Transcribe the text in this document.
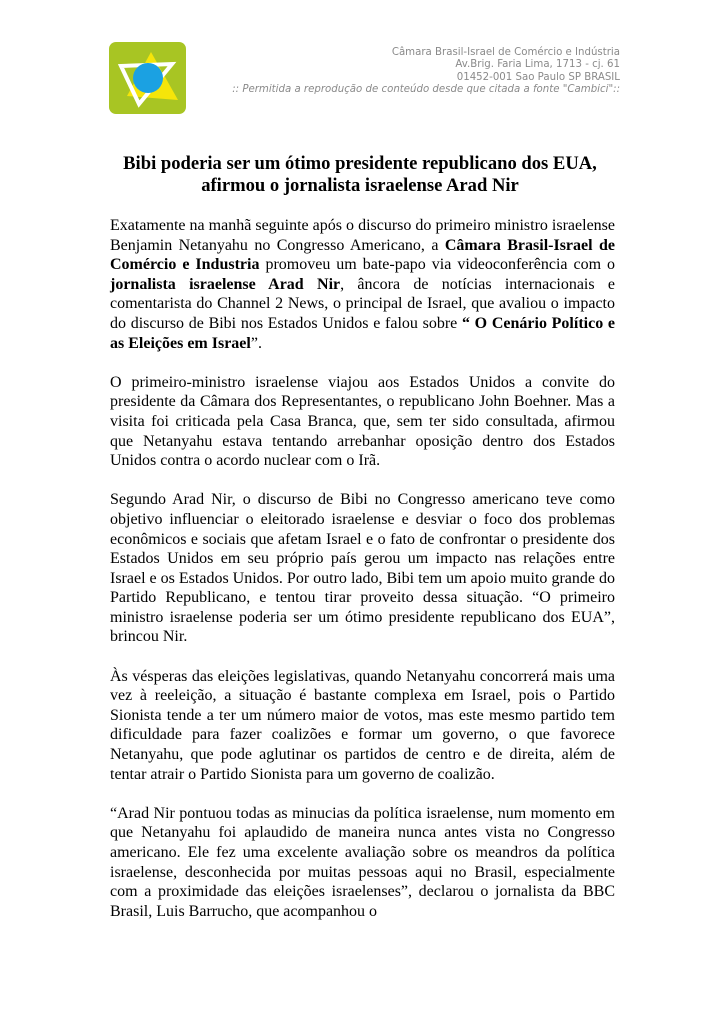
Câmara Brasil-Israel de Comércio e Indústria
Av.Brig. Faria Lima, 1713 - cj. 61
01452-001 Sao Paulo SP BRASIL
:: Permitida a reprodução de conteúdo desde que citada a fonte "Cambici"::
Bibi poderia ser um ótimo presidente republicano dos EUA,
afirmou o jornalista israelense Arad Nir

Exatamente na manhã seguinte após o discurso do primeiro ministro israelense Benjamin Netanyahu no Congresso Americano, a Câmara Brasil-Israel de Comércio e Industria promoveu um bate-papo via videoconferência com o jornalista israelense Arad Nir, âncora de notícias internacionais e comentarista do Channel 2 News, o principal de Israel, que avaliou o impacto do discurso de Bibi nos Estados Unidos e falou sobre “ O Cenário Político e as Eleições em Israel”.

O primeiro-ministro israelense viajou aos Estados Unidos a convite do presidente da Câmara dos Representantes, o republicano John Boehner. Mas a visita foi criticada pela Casa Branca, que, sem ter sido consultada, afirmou que Netanyahu estava tentando arrebanhar oposição dentro dos Estados Unidos contra o acordo nuclear com o Irã.

Segundo Arad Nir, o discurso de Bibi no Congresso americano teve como objetivo influenciar o eleitorado israelense e desviar o foco dos problemas econômicos e sociais que afetam Israel e o fato de confrontar o presidente dos Estados Unidos em seu próprio país gerou um impacto nas relações entre Israel e os Estados Unidos. Por outro lado, Bibi tem um apoio muito grande do Partido Republicano, e tentou tirar proveito dessa situação. “O primeiro ministro israelense poderia ser um ótimo presidente republicano dos EUA”, brincou Nir.

Às vésperas das eleições legislativas, quando Netanyahu concorrerá mais uma vez à reeleição, a situação é bastante complexa em Israel, pois o Partido Sionista tende a ter um número maior de votos, mas este mesmo partido tem dificuldade para fazer coalizões e formar um governo, o que favorece Netanyahu, que pode aglutinar os partidos de centro e de direita, além de tentar atrair o Partido Sionista para um governo de coalizão.

“Arad Nir pontuou todas as minucias da política israelense, num momento em que Netanyahu foi aplaudido de maneira nunca antes vista no Congresso americano. Ele fez uma excelente avaliação sobre os meandros da política israelense, desconhecida por muitas pessoas aqui no Brasil, especialmente com a proximidade das eleições israelenses”, declarou o jornalista da BBC Brasil, Luis Barrucho, que acompanhou o
